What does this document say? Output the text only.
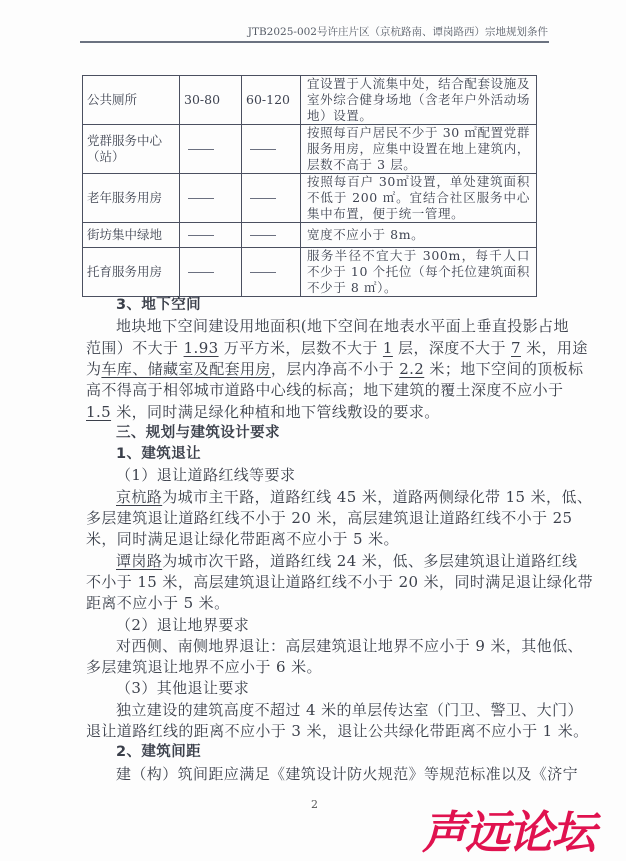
JTB2025-002号许庄片区（京杭路南、谭岗路西）宗地规划条件
公共厕所	30-80	60-120	宜设置于人流集中处，结合配套设施及室外综合健身场地（含老年户外活动场地）设置。
党群服务中心（站）			按照每百户居民不少于 30 ㎡配置党群服务用房，应集中设置在地上建筑内，层数不高于 3 层。
老年服务用房			按照每百户 30㎡设置，单处建筑面积不低于 200 ㎡。宜结合社区服务中心集中布置，便于统一管理。
街坊集中绿地			宽度不应小于 8m。
托育服务用房			服务半径不宜大于 300m，每千人口不少于 10 个托位（每个托位建筑面积不少于 8 ㎡）。
3、地下空间
地块地下空间建设用地面积(地下空间在地表水平面上垂直投影占地
范围）不大于 1.93 万平方米，层数不大于 1 层，深度不大于 7 米，用途
为车库、储藏室及配套用房，层内净高不小于 2.2 米；地下空间的顶板标
高不得高于相邻城市道路中心线的标高；地下建筑的覆土深度不应小于
1.5 米，同时满足绿化种植和地下管线敷设的要求。
三、规划与建筑设计要求
1、建筑退让
（1）退让道路红线等要求
京杭路为城市主干路，道路红线 45 米，道路两侧绿化带 15 米，低、
多层建筑退让道路红线不小于 20 米，高层建筑退让道路红线不小于 25
米，同时满足退让绿化带距离不应小于 5 米。
谭岗路为城市次干路，道路红线 24 米，低、多层建筑退让道路红线
不小于 15 米，高层建筑退让道路红线不小于 20 米，同时满足退让绿化带
距离不应小于 5 米。
（2）退让地界要求
对西侧、南侧地界退让：高层建筑退让地界不应小于 9 米，其他低、
多层建筑退让地界不应小于 6 米。
（3）其他退让要求
独立建设的建筑高度不超过 4 米的单层传达室（门卫、警卫、大门）
退让道路红线的距离不应小于 3 米，退让公共绿化带距离不应小于 1 米。
2、建筑间距
建（构）筑间距应满足《建筑设计防火规范》等规范标准以及《济宁
2
声远论坛
